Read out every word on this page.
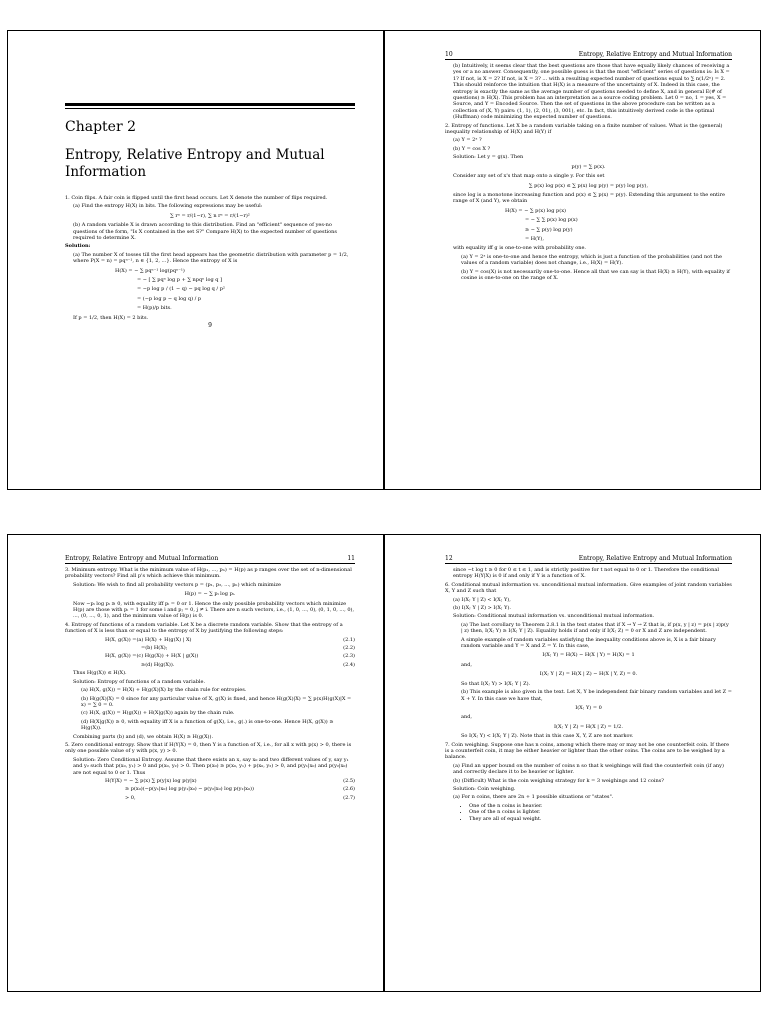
Chapter 2
Entropy, Relative Entropy and Mutual Information

1. Coin flips. A fair coin is flipped until the first head occurs. Let X denote the number of flips required.

(a) Find the entropy H(X) in bits. The following expressions may be useful:

∑ rⁿ = r/(1−r), ∑ n rⁿ = r/(1−r)²

(b) A random variable X is drawn according to this distribution. Find an "efficient" sequence of yes-no questions of the form, "Is X contained in the set S?" Compare H(X) to the expected number of questions required to determine X.

Solution:

(a) The number X of tosses till the first head appears has the geometric distribution with parameter p = 1/2, where P(X = n) = pqⁿ⁻¹, n ∈ {1, 2, ...}. Hence the entropy of X is

H(X) = − ∑ pqⁿ⁻¹ log(pqⁿ⁻¹)
= − [ ∑ pqⁿ log p + ∑ npqⁿ log q ]
= −p log p / (1 − q) − pq log q / p²
= (−p log p − q log q) / p
= H(p)/p bits.

If p = 1/2, then H(X) = 2 bits.

9
10	Entropy, Relative Entropy and Mutual Information

(b) Intuitively, it seems clear that the best questions are those that have equally likely chances of receiving a yes or a no answer. Consequently, one possible guess is that the most "efficient" series of questions is: Is X = 1? If not, is X = 2? If not, is X = 3? ... with a resulting expected number of questions equal to ∑ n(1/2ⁿ) = 2. This should reinforce the intuition that H(X) is a measure of the uncertainty of X. Indeed in this case, the entropy is exactly the same as the average number of questions needed to define X, and in general E(# of questions) ≥ H(X). This problem has an interpretation as a source coding problem. Let 0 = no, 1 = yes, X = Source, and Y = Encoded Source. Then the set of questions in the above procedure can be written as a collection of (X, Y) pairs: (1, 1), (2, 01), (3, 001), etc. In fact, this intuitively derived code is the optimal (Huffman) code minimizing the expected number of questions.

2. Entropy of functions. Let X be a random variable taking on a finite number of values. What is the (general) inequality relationship of H(X) and H(Y) if

(a) Y = 2ˣ ?

(b) Y = cos X ?

Solution: Let y = g(x). Then

p(y) = ∑ p(x).

Consider any set of x's that map onto a single y. For this set

∑ p(x) log p(x) ≤ ∑ p(x) log p(y) = p(y) log p(y),

since log is a monotone increasing function and p(x) ≤ ∑ p(x) = p(y). Extending this argument to the entire range of X (and Y), we obtain

H(X) = − ∑ p(x) log p(x)
= − ∑ ∑ p(x) log p(x)
≥ − ∑ p(y) log p(y)
= H(Y),

with equality iff g is one-to-one with probability one.

(a) Y = 2ˣ is one-to-one and hence the entropy, which is just a function of the probabilities (and not the values of a random variable) does not change, i.e., H(X) = H(Y).

(b) Y = cos(X) is not necessarily one-to-one. Hence all that we can say is that H(X) ≥ H(Y), with equality if cosine is one-to-one on the range of X.

Entropy, Relative Entropy and Mutual Information	11

3. Minimum entropy. What is the minimum value of H(p₁, ..., pₙ) = H(p) as p ranges over the set of n-dimensional probability vectors? Find all p's which achieve this minimum.

Solution: We wish to find all probability vectors p = (p₁, p₂, ..., pₙ) which minimize

H(p) = − ∑ pᵢ log pᵢ.

Now −pᵢ log pᵢ ≥ 0, with equality iff pᵢ = 0 or 1. Hence the only possible probability vectors which minimize H(p) are those with pᵢ = 1 for some i and pⱼ = 0, j ≠ i. There are n such vectors, i.e., (1, 0, ..., 0), (0, 1, 0, ..., 0), ..., (0, ..., 0, 1), and the minimum value of H(p) is 0.

4. Entropy of functions of a random variable. Let X be a discrete random variable. Show that the entropy of a function of X is less than or equal to the entropy of X by justifying the following steps:

H(X, g(X)) =(a) H(X) + H(g(X) | X)	(2.1)
=(b) H(X);	(2.2)
H(X, g(X)) =(c) H(g(X)) + H(X | g(X))	(2.3)
≥(d) H(g(X)).	(2.4)

Thus H(g(X)) ≤ H(X).

Solution: Entropy of functions of a random variable.

(a) H(X, g(X)) = H(X) + H(g(X)|X) by the chain rule for entropies.

(b) H(g(X)|X) = 0 since for any particular value of X, g(X) is fixed, and hence H(g(X)|X) = ∑ p(x)H(g(X)|X = x) = ∑ 0 = 0.

(c) H(X, g(X)) = H(g(X)) + H(X|g(X)) again by the chain rule.

(d) H(X|g(X)) ≥ 0, with equality iff X is a function of g(X), i.e., g(.) is one-to-one. Hence H(X, g(X)) ≥ H(g(X)).

Combining parts (b) and (d), we obtain H(X) ≥ H(g(X)).

5. Zero conditional entropy. Show that if H(Y|X) = 0, then Y is a function of X, i.e., for all x with p(x) > 0, there is only one possible value of y with p(x, y) > 0.

Solution: Zero Conditional Entropy. Assume that there exists an x, say x₀ and two different values of y, say y₁ and y₂ such that p(x₀, y₁) > 0 and p(x₀, y₂) > 0. Then p(x₀) ≥ p(x₀, y₁) + p(x₀, y₂) > 0, and p(y₁|x₀) and p(y₂|x₀) are not equal to 0 or 1. Thus

H(Y|X) = − ∑ p(x) ∑ p(y|x) log p(y|x)	(2.5)
≥ p(x₀)(−p(y₁|x₀) log p(y₁|x₀) − p(y₂|x₀) log p(y₂|x₀))	(2.6)
> 0,	(2.7)
12	Entropy, Relative Entropy and Mutual Information

since −t log t ≥ 0 for 0 ≤ t ≤ 1, and is strictly positive for t not equal to 0 or 1. Therefore the conditional entropy H(Y|X) is 0 if and only if Y is a function of X.

6. Conditional mutual information vs. unconditional mutual information. Give examples of joint random variables X, Y and Z such that

(a) I(X; Y | Z) < I(X; Y),

(b) I(X; Y | Z) > I(X; Y).

Solution: Conditional mutual information vs. unconditional mutual information.

(a) The last corollary to Theorem 2.8.1 in the text states that if X → Y → Z that is, if p(x, y | z) = p(x | z)p(y | z) then, I(X; Y) ≥ I(X; Y | Z). Equality holds if and only if I(X; Z) = 0 or X and Z are independent.

A simple example of random variables satisfying the inequality conditions above is, X is a fair binary random variable and Y = X and Z = Y. In this case,

I(X; Y) = H(X) − H(X | Y) = H(X) = 1

and,

I(X; Y | Z) = H(X | Z) − H(X | Y, Z) = 0.

So that I(X; Y) > I(X; Y | Z).

(b) This example is also given in the text. Let X, Y be independent fair binary random variables and let Z = X + Y. In this case we have that,

I(X; Y) = 0

and,

I(X; Y | Z) = H(X | Z) = 1/2.

So I(X; Y) < I(X; Y | Z). Note that in this case X, Y, Z are not markov.

7. Coin weighing. Suppose one has n coins, among which there may or may not be one counterfeit coin. If there is a counterfeit coin, it may be either heavier or lighter than the other coins. The coins are to be weighed by a balance.

(a) Find an upper bound on the number of coins n so that k weighings will find the counterfeit coin (if any) and correctly declare it to be heavier or lighter.

(b) (Difficult) What is the coin weighing strategy for k = 3 weighings and 12 coins?

Solution: Coin weighing.

(a) For n coins, there are 2n + 1 possible situations or "states".

• One of the n coins is heavier.
• One of the n coins is lighter.
• They are all of equal weight.
